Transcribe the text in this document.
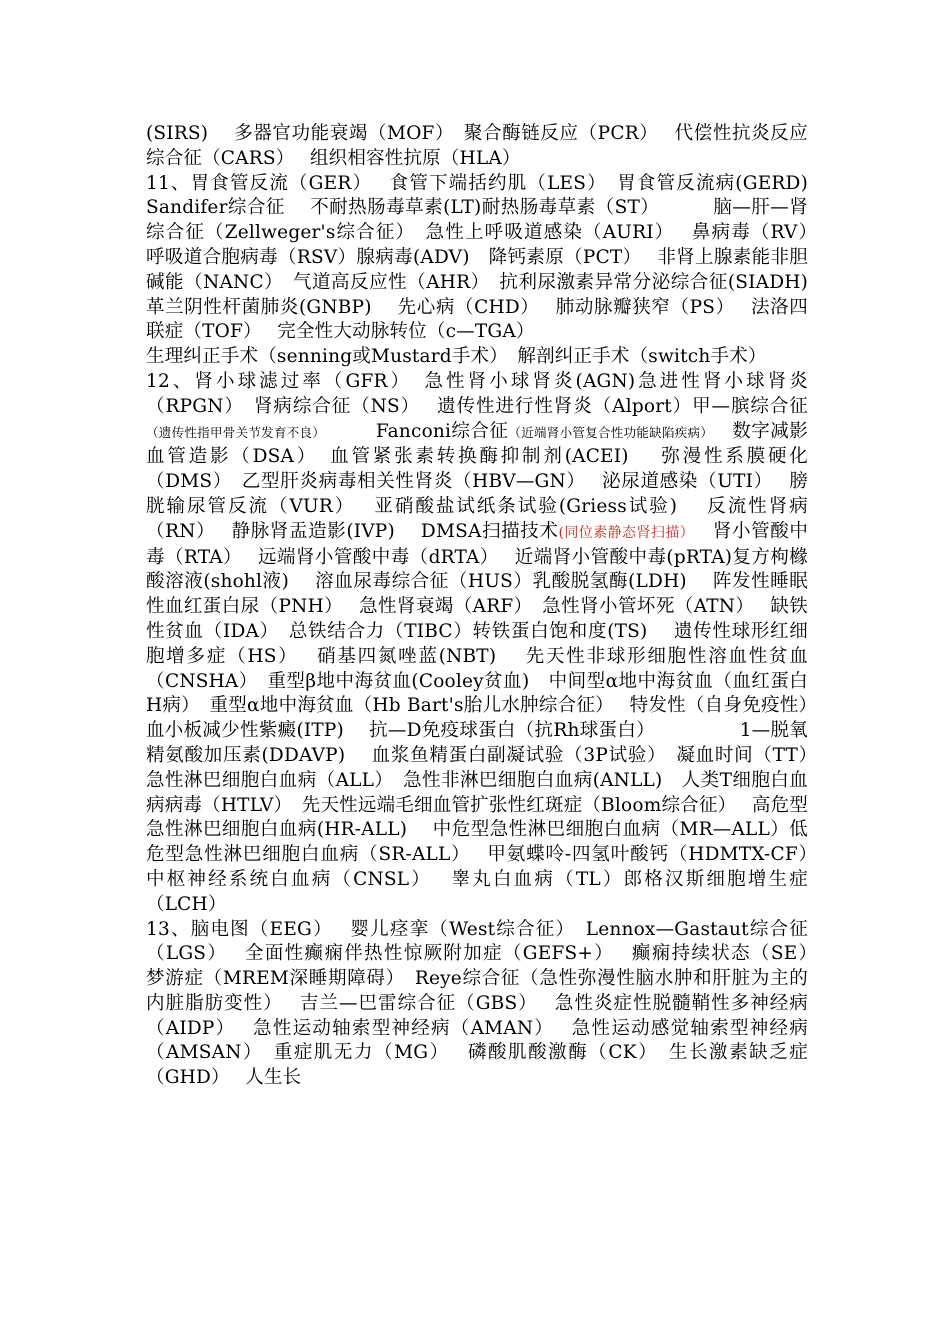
(SIRS)　 多器官功能衰竭（MOF）　聚合酶链反应（PCR）　 代偿性抗炎反应综合征（CARS）　 组织相容性抗原（HLA）

11、胃食管反流（GER）　 食管下端括约肌（LES）　胃食管反流病(GERD)　 Sandifer综合征　 不耐热肠毒草素(LT)耐热肠毒草素（ST）　　　 脑—肝—肾综合征（Zellweger's综合征）　急性上呼吸道感染（AURI）　 鼻病毒（RV）　呼吸道合胞病毒（RSV）腺病毒(ADV)　降钙素原（PCT）　 非肾上腺素能非胆碱能（NANC）　气道高反应性（AHR）　抗利尿激素异常分泌综合征(SIADH)　革兰阴性杆菌肺炎(GNBP)　 先心病（CHD）　 肺动脉瓣狭窄（PS）　 法洛四联症（TOF）　 完全性大动脉转位（c—TGA）

生理纠正手术（senning或Mustard手术）　解剖纠正手术（switch手术）

12、肾小球滤过率（GFR）　急性肾小球肾炎(AGN)急进性肾小球肾炎（RPGN）　肾病综合征（NS）　 遗传性进行性肾炎（Alport）甲—膑综合征（遗传性指甲骨关节发育不良）　　　Fanconi综合征（近端肾小管复合性功能缺陷疾病）　 数字减影血管造影（DSA）　血管紧张素转换酶抑制剂(ACEI)　 弥漫性系膜硬化（DMS）　乙型肝炎病毒相关性肾炎（HBV—GN）　 泌尿道感染（UTI）　 膀胱输尿管反流（VUR）　 亚硝酸盐试纸条试验(Griess试验)　 反流性肾病（RN）　 静脉肾盂造影(IVP)　 DMSA扫描技术(同位素静态肾扫描）　 肾小管酸中毒（RTA）　 远端肾小管酸中毒（dRTA）　 近端肾小管酸中毒(pRTA)复方枸橼酸溶液(shohl液)　 溶血尿毒综合征（HUS）乳酸脱氢酶(LDH)　 阵发性睡眠性血红蛋白尿（PNH）　 急性肾衰竭（ARF）　急性肾小管坏死（ATN）　 缺铁性贫血（IDA）　总铁结合力（TIBC）转铁蛋白饱和度(TS)　 遗传性球形红细胞增多症（HS）　 硝基四氮唑蓝(NBT)　 先天性非球形细胞性溶血性贫血（CNSHA）　重型β地中海贫血(Cooley贫血)　中间型α地中海贫血（血红蛋白H病）　重型α地中海贫血（Hb Bart's胎儿水肿综合征）　 特发性（自身免疫性）血小板减少性紫癜(ITP)　 抗—D免疫球蛋白（抗Rh球蛋白）　　　　　1—脱氧精氨酸加压素(DDAVP)　 血浆鱼精蛋白副凝试验（3P试验）　凝血时间（TT）　 急性淋巴细胞白血病（ALL）　急性非淋巴细胞白血病(ANLL)　人类T细胞白血病病毒（HTLV）　先天性远端毛细血管扩张性红斑症（Bloom综合征）　 高危型急性淋巴细胞白血病(HR-ALL)　 中危型急性淋巴细胞白血病（MR—ALL）低危型急性淋巴细胞白血病（SR-ALL）　 甲氨蝶呤-四氢叶酸钙（HDMTX-CF）　中枢神经系统白血病（CNSL）　 睾丸白血病（TL）郎格汉斯细胞增生症（LCH）

13、脑电图（EEG）　 婴儿痉挛（West综合征）　Lennox—Gastaut综合征（LGS）　 全面性癫痫伴热性惊厥附加症（GEFS+）　 癫痫持续状态（SE）　 梦游症（MREM深睡期障碍）　Reye综合征（急性弥漫性脑水肿和肝脏为主的内脏脂肪变性）　 吉兰—巴雷综合征（GBS）　 急性炎症性脱髓鞘性多神经病（AIDP）　 急性运动轴索型神经病（AMAN）　 急性运动感觉轴索型神经病（AMSAN）　重症肌无力（MG）　 磷酸肌酸激酶（CK）　生长激素缺乏症（GHD）　 人生长
